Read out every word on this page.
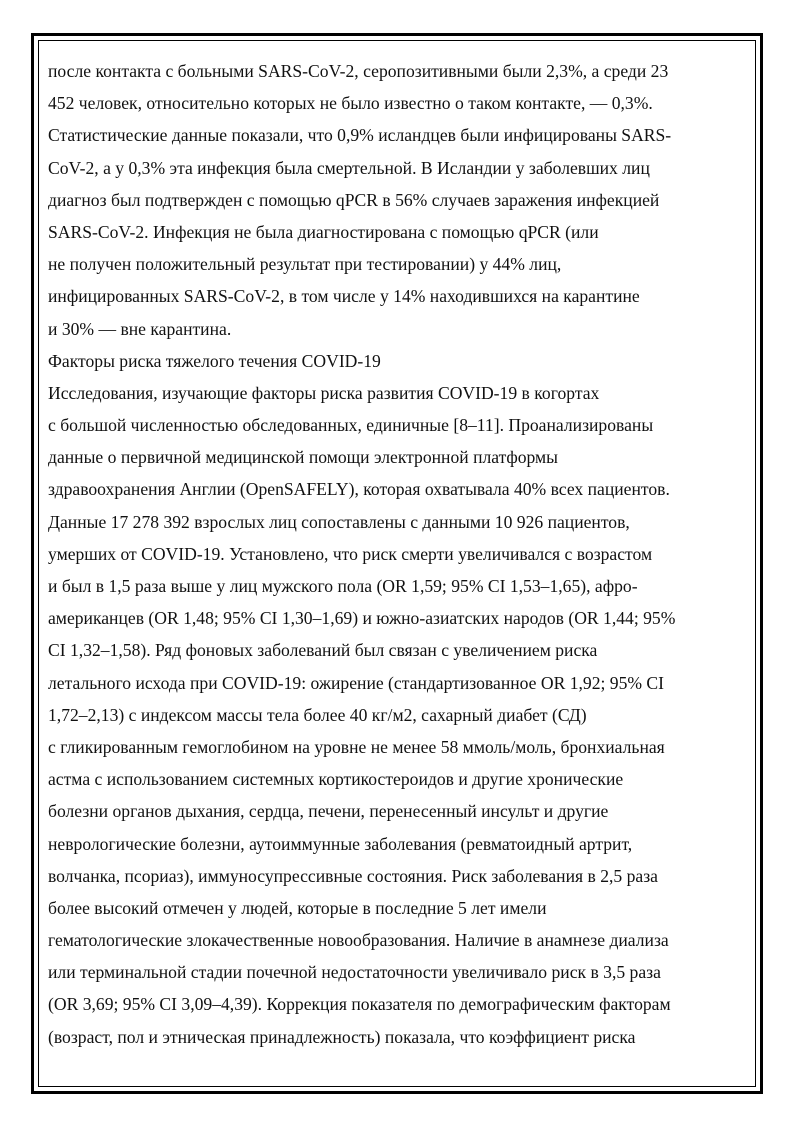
после контакта с больными SARS-CoV-2, серопозитивными были 2,3%, а среди 23
452 человек, относительно которых не было известно о таком контакте, — 0,3%.
Статистические данные показали, что 0,9% исландцев были инфицированы SARS-
CoV-2, а у 0,3% эта инфекция была смертельной. В Исландии у заболевших лиц
диагноз был подтвержден с помощью qPCR в 56% случаев заражения инфекцией
SARS-CoV-2. Инфекция не была диагностирована с помощью qPCR (или
не получен положительный результат при тестировании) у 44% лиц,
инфицированных SARS-CoV-2, в том числе у 14% находившихся на карантине
и 30% — вне карантина.
Факторы риска тяжелого течения COVID-19
Исследования, изучающие факторы риска развития COVID-19 в когортах
с большой численностью обследованных, единичные [8–11]. Проанализированы
данные о первичной медицинской помощи электронной платформы
здравоохранения Англии (OpenSAFELY), которая охватывала 40% всех пациентов.
Данные 17 278 392 взрослых лиц сопоставлены с данными 10 926 пациентов,
умерших от COVID-19. Установлено, что риск смерти увеличивался с возрастом
и был в 1,5 раза выше у лиц мужского пола (OR 1,59; 95% CI 1,53–1,65), афро-
американцев (OR 1,48; 95% CI 1,30–1,69) и южно-азиатских народов (OR 1,44; 95%
CI 1,32–1,58). Ряд фоновых заболеваний был связан с увеличением риска
летального исхода при COVID-19: ожирение (стандартизованное OR 1,92; 95% CI
1,72–2,13) с индексом массы тела более 40 кг/м2, сахарный диабет (СД)
с гликированным гемоглобином на уровне не менее 58 ммоль/моль, бронхиальная
астма с использованием системных кортикостероидов и другие хронические
болезни органов дыхания, сердца, печени, перенесенный инсульт и другие
неврологические болезни, аутоиммунные заболевания (ревматоидный артрит,
волчанка, псориаз), иммуносупрессивные состояния. Риск заболевания в 2,5 раза
более высокий отмечен у людей, которые в последние 5 лет имели
гематологические злокачественные новообразования. Наличие в анамнезе диализа
или терминальной стадии почечной недостаточности увеличивало риск в 3,5 раза
(OR 3,69; 95% CI 3,09–4,39). Коррекция показателя по демографическим факторам
(возраст, пол и этническая принадлежность) показала, что коэффициент риска
